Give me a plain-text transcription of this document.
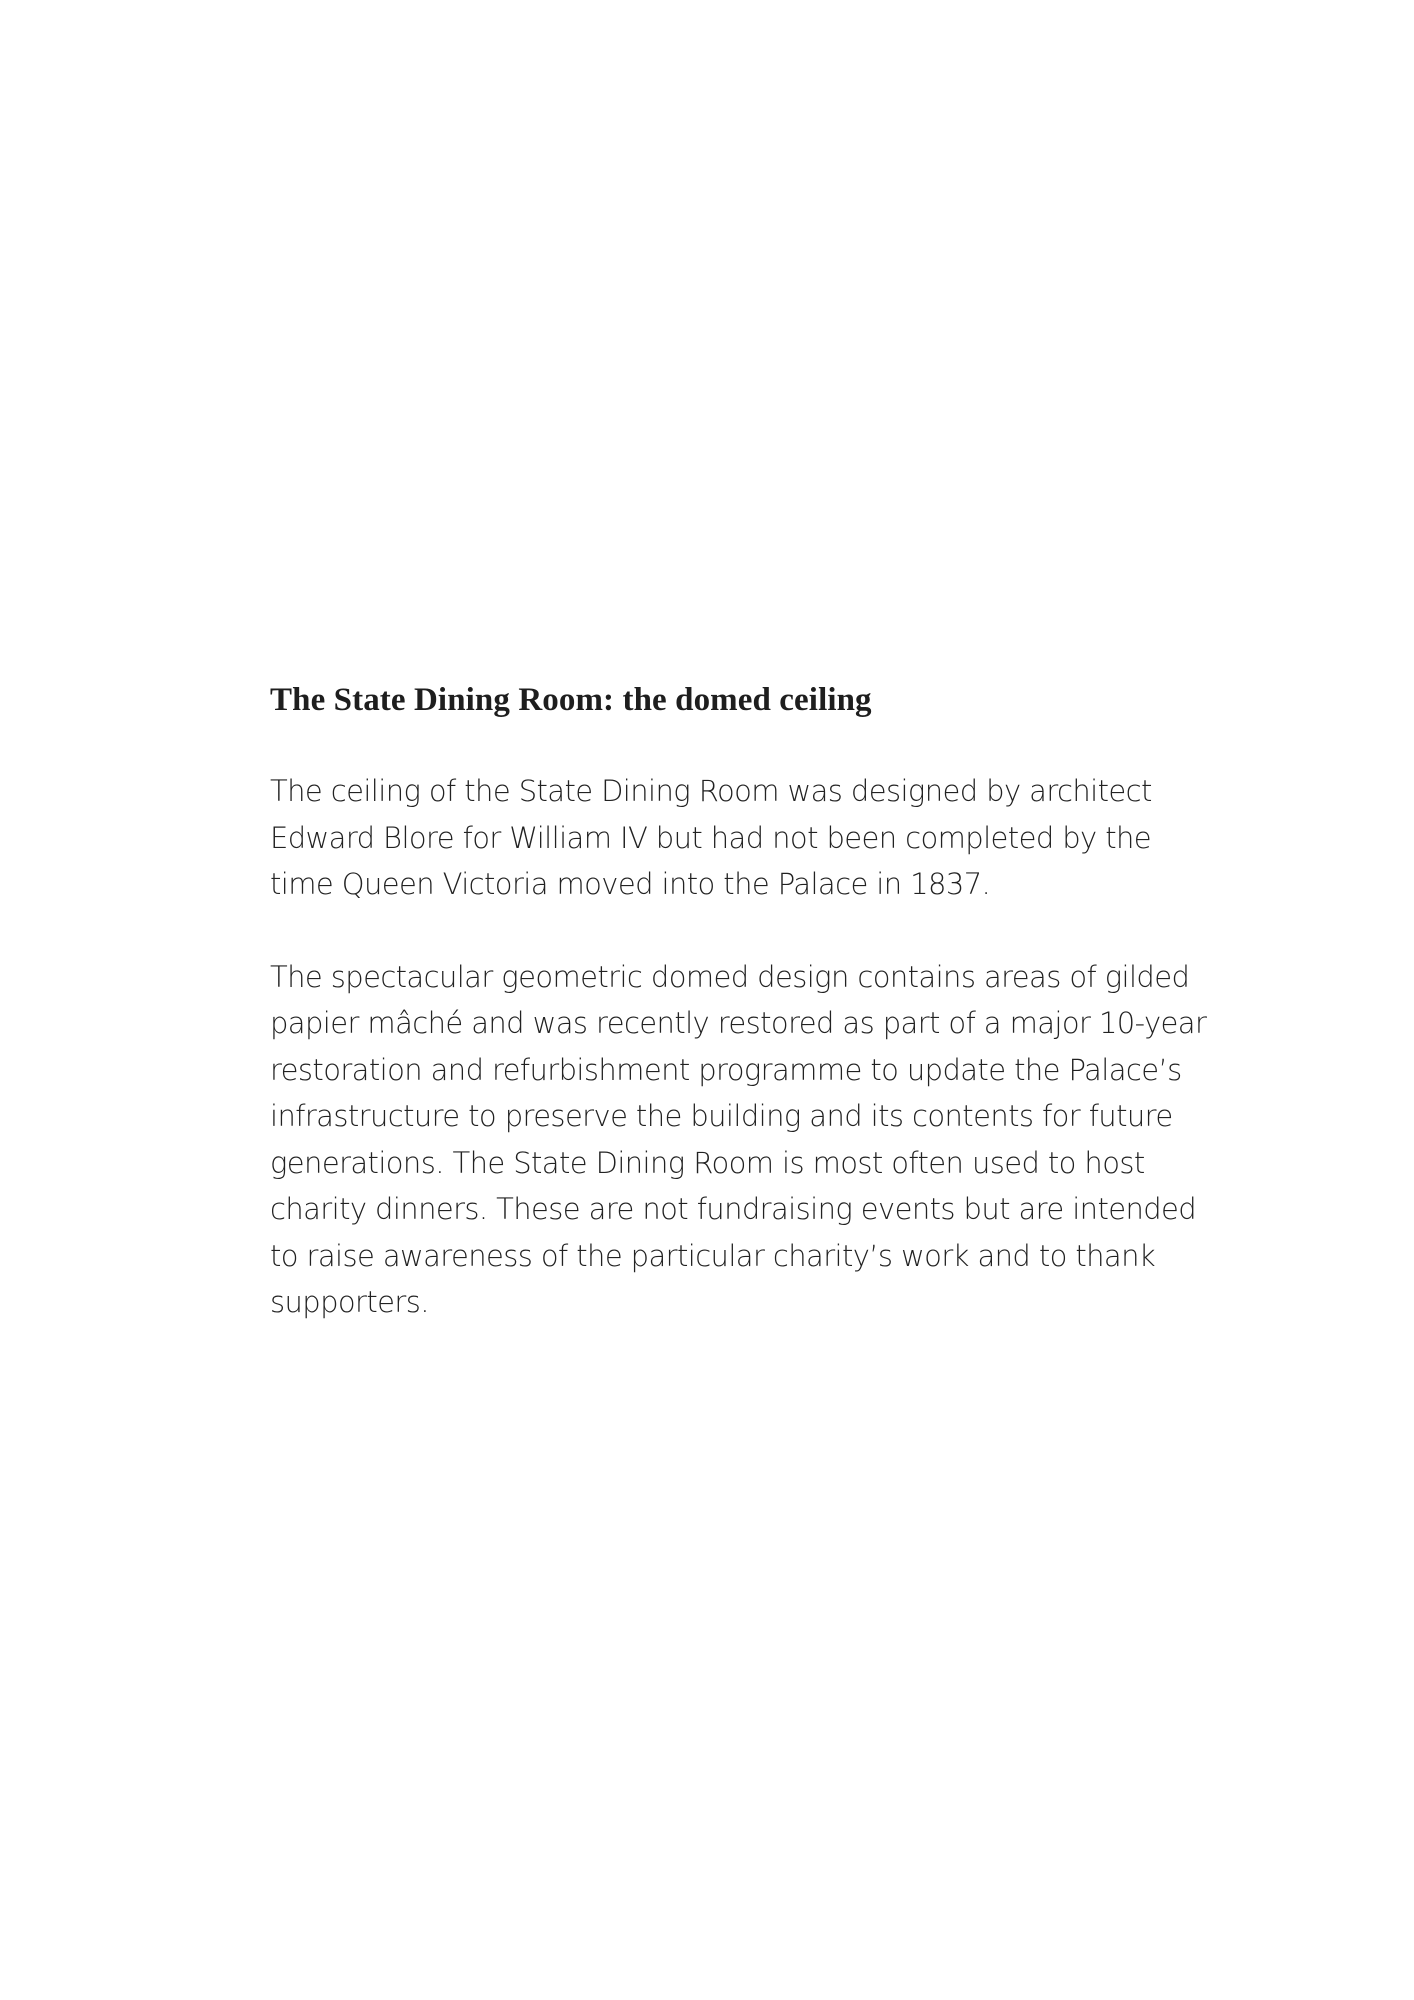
The State Dining Room: the domed ceiling

The ceiling of the State Dining Room was designed by architect
Edward Blore for William IV but had not been completed by the
time Queen Victoria moved into the Palace in 1837.

The spectacular geometric domed design contains areas of gilded
papier mâché and was recently restored as part of a major 10-year
restoration and refurbishment programme to update the Palace’s
infrastructure to preserve the building and its contents for future
generations. The State Dining Room is most often used to host
charity dinners. These are not fundraising events but are intended
to raise awareness of the particular charity’s work and to thank
supporters.
